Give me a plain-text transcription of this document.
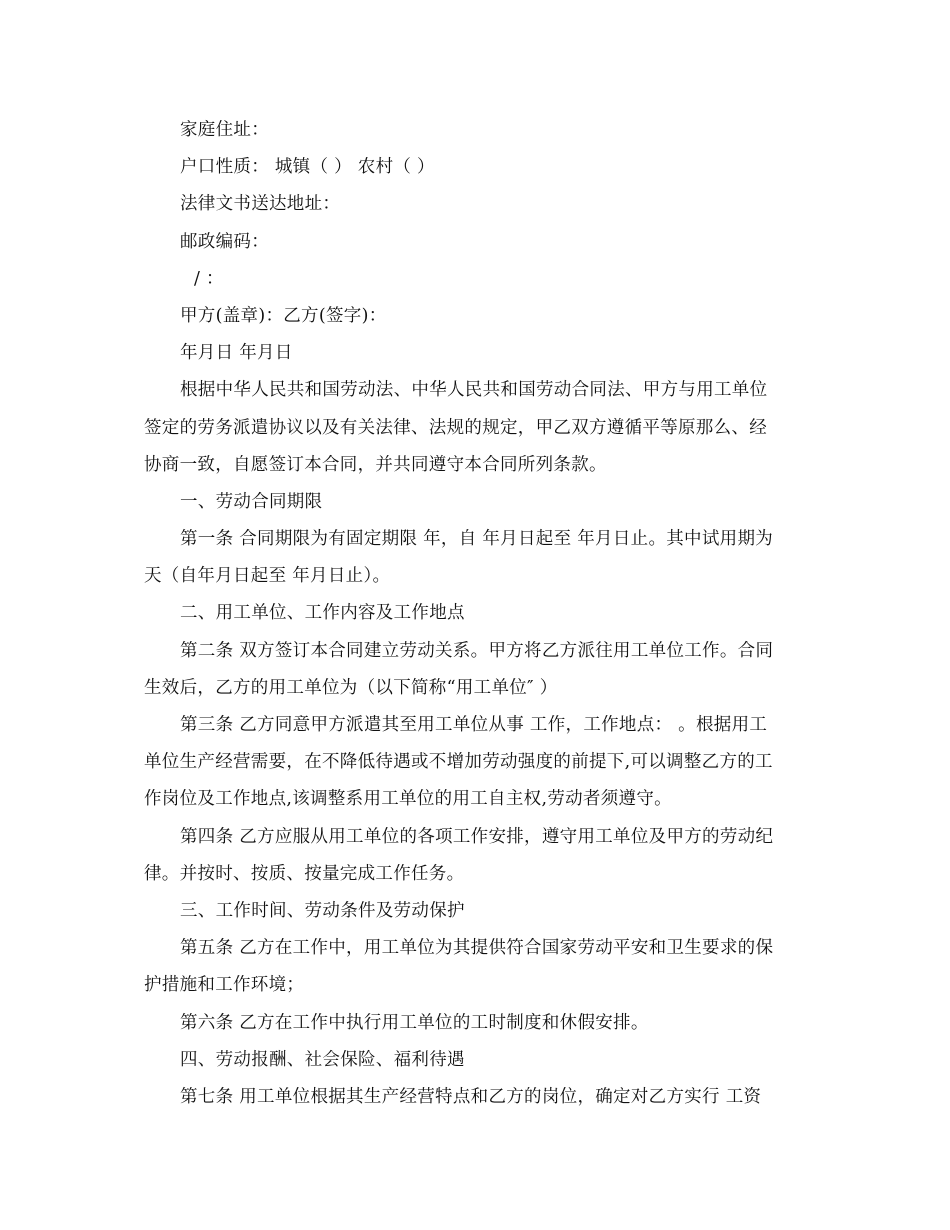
家庭住址：
户口性质： 城镇（ ） 农村（ ）
法律文书送达地址：
邮政编码：
/ ：
甲方(盖章)：乙方(签字)：
年月日 年月日
根据中华人民共和国劳动法、中华人民共和国劳动合同法、甲方与用工单位
签定的劳务派遣协议以及有关法律、法规的规定，甲乙双方遵循平等原那么、经
协商一致，自愿签订本合同，并共同遵守本合同所列条款。
一、劳动合同期限
第一条 合同期限为有固定期限 年，自 年月日起至 年月日止。其中试用期为
天（自年月日起至 年月日止）。
二、用工单位、工作内容及工作地点
第二条 双方签订本合同建立劳动关系。甲方将乙方派往用工单位工作。合同
生效后，乙方的用工单位为（以下简称“用工单位″ ）
第三条 乙方同意甲方派遣其至用工单位从事 工作，工作地点： 。根据用工
单位生产经营需要，在不降低待遇或不增加劳动强度的前提下,可以调整乙方的工
作岗位及工作地点,该调整系用工单位的用工自主权,劳动者须遵守。
第四条 乙方应服从用工单位的各项工作安排，遵守用工单位及甲方的劳动纪
律。并按时、按质、按量完成工作任务。
三、工作时间、劳动条件及劳动保护
第五条 乙方在工作中，用工单位为其提供符合国家劳动平安和卫生要求的保
护措施和工作环境；
第六条 乙方在工作中执行用工单位的工时制度和休假安排。
四、劳动报酬、社会保险、福利待遇
第七条 用工单位根据其生产经营特点和乙方的岗位，确定对乙方实行 工资
